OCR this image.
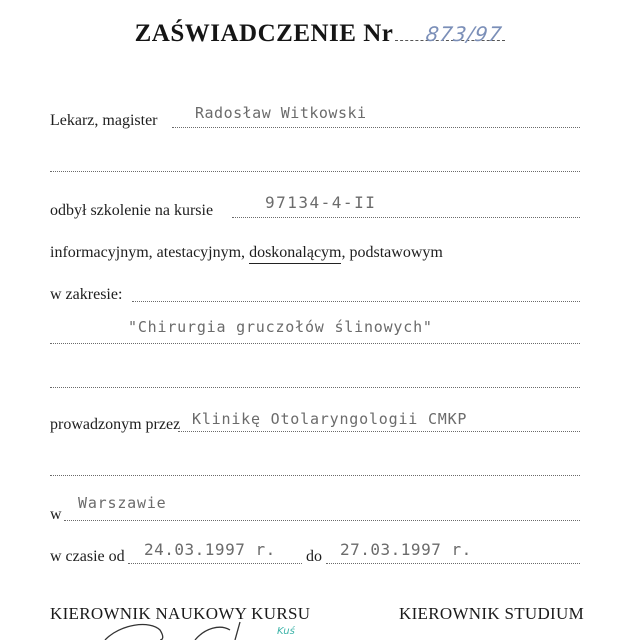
ZAŚWIADCZENIE Nr	873/97
Lekarz, magister	Radosław Witkowski
odbył szkolenie na kursie	97134-4-II
informacyjnym, atestacyjnym, doskonalącym, podstawowym
w zakresie:
"Chirurgia gruczołów ślinowych"
prowadzonym przez Klinikę Otolaryngologii CMKP
w
Warszawie
w czasie od 24.03.1997 r. do 27.03.1997 r.
KIEROWNIK NAUKOWY KURSU	KIEROWNIK STUDIUM
Kuś
